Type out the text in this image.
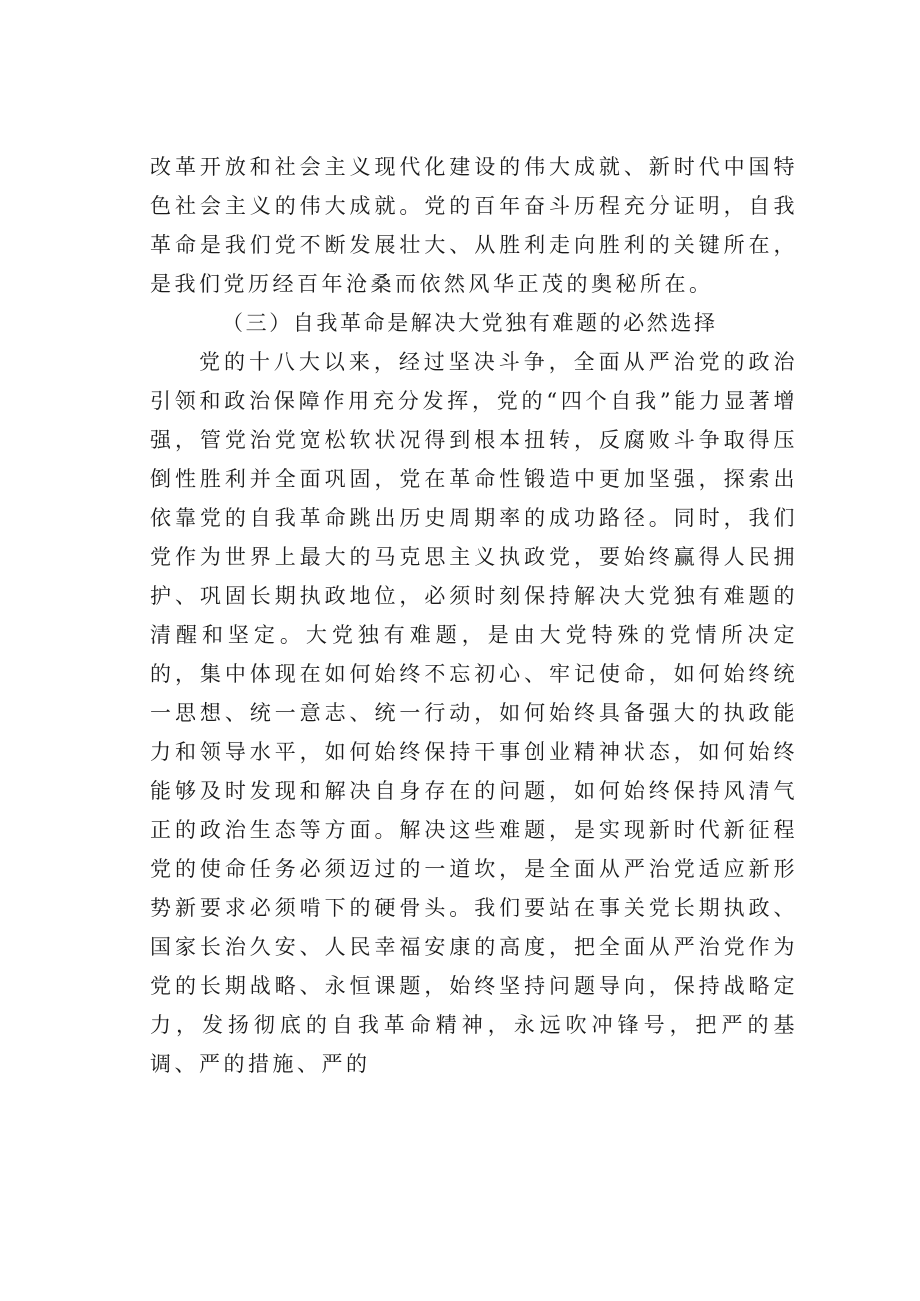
改革开放和社会主义现代化建设的伟大成就、新时代中国特色社会主义的伟大成就。党的百年奋斗历程充分证明，自我革命是我们党不断发展壮大、从胜利走向胜利的关键所在，是我们党历经百年沧桑而依然风华正茂的奥秘所在。

（三）自我革命是解决大党独有难题的必然选择

党的十八大以来，经过坚决斗争，全面从严治党的政治引领和政治保障作用充分发挥，党的“四个自我”能力显著增强，管党治党宽松软状况得到根本扭转，反腐败斗争取得压倒性胜利并全面巩固，党在革命性锻造中更加坚强，探索出依靠党的自我革命跳出历史周期率的成功路径。同时，我们党作为世界上最大的马克思主义执政党，要始终赢得人民拥护、巩固长期执政地位，必须时刻保持解决大党独有难题的清醒和坚定。大党独有难题，是由大党特殊的党情所决定的，集中体现在如何始终不忘初心、牢记使命，如何始终统一思想、统一意志、统一行动，如何始终具备强大的执政能力和领导水平，如何始终保持干事创业精神状态，如何始终能够及时发现和解决自身存在的问题，如何始终保持风清气正的政治生态等方面。解决这些难题，是实现新时代新征程党的使命任务必须迈过的一道坎，是全面从严治党适应新形势新要求必须啃下的硬骨头。我们要站在事关党长期执政、国家长治久安、人民幸福安康的高度，把全面从严治党作为党的长期战略、永恒课题，始终坚持问题导向，保持战略定力，发扬彻底的自我革命精神，永远吹冲锋号，把严的基调、严的措施、严的
